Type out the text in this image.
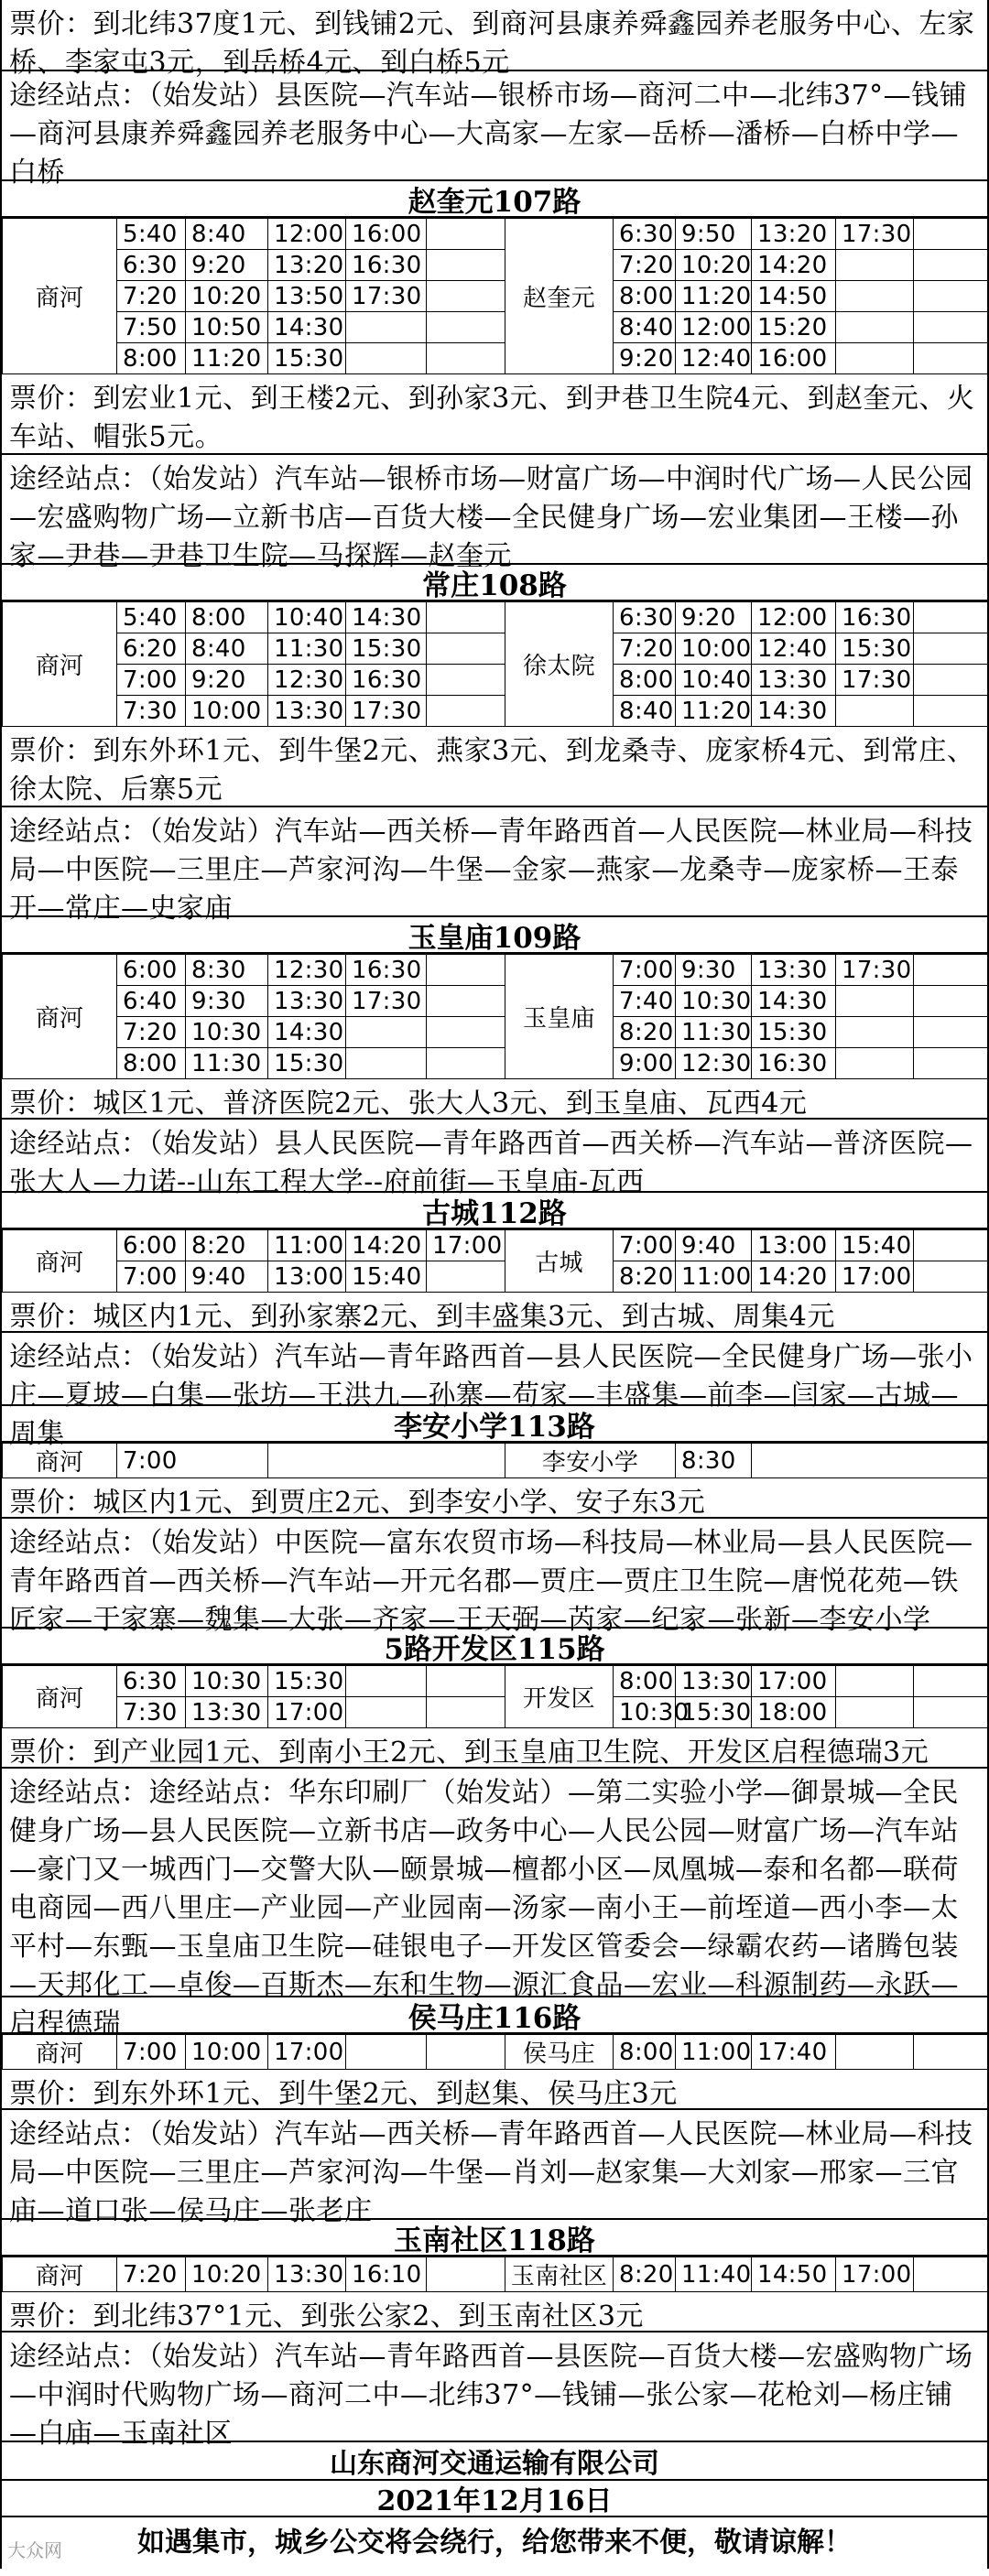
票价：到北纬37度1元、到钱铺2元、到商河县康养舜鑫园养老服务中心、左家桥、李家屯3元，到岳桥4元、到白桥5元
途经站点：（始发站）县医院—汽车站—银桥市场—商河二中—北纬37°—钱铺—商河县康养舜鑫园养老服务中心—大高家—左家—岳桥—潘桥—白桥中学—白桥
赵奎元107路
商河	5:40	8:40	12:00	16:00		赵奎元	6:30	9:50	13:20	17:30	
	6:30	9:20	13:20	16:30			7:20	10:20	14:20		
	7:20	10:20	13:50	17:30			8:00	11:20	14:50		
	7:50	10:50	14:30				8:40	12:00	15:20		
	8:00	11:20	15:30				9:20	12:40	16:00		
票价：到宏业1元、到王楼2元、到孙家3元、到尹巷卫生院4元、到赵奎元、火车站、帽张5元。
途经站点：（始发站）汽车站—银桥市场—财富广场—中润时代广场—人民公园—宏盛购物广场—立新书店—百货大楼—全民健身广场—宏业集团—王楼—孙家—尹巷—尹巷卫生院—马探辉—赵奎元
常庄108路
商河	5:40	8:00	10:40	14:30		徐太院	6:30	9:20	12:00	16:30	
	6:20	8:40	11:30	15:30			7:20	10:00	12:40	15:30	
	7:00	9:20	12:30	16:30			8:00	10:40	13:30	17:30	
	7:30	10:00	13:30	17:30			8:40	11:20	14:30		
票价：到东外环1元、到牛堡2元、燕家3元、到龙桑寺、庞家桥4元、到常庄、徐太院、后寨5元
途经站点：（始发站）汽车站—西关桥—青年路西首—人民医院—林业局—科技局—中医院—三里庄—芦家河沟—牛堡—金家—燕家—龙桑寺—庞家桥—王泰开—常庄—史家庙
玉皇庙109路
商河	6:00	8:30	12:30	16:30		玉皇庙	7:00	9:30	13:30	17:30	
	6:40	9:30	13:30	17:30			7:40	10:30	14:30		
	7:20	10:30	14:30				8:20	11:30	15:30		
	8:00	11:30	15:30				9:00	12:30	16:30		
票价：城区1元、普济医院2元、张大人3元、到玉皇庙、瓦西4元
途经站点：（始发站）县人民医院—青年路西首—西关桥—汽车站—普济医院—张大人—力诺--山东工程大学--府前街—玉皇庙-瓦西
古城112路
商河	6:00	8:20	11:00	14:20	17:00	古城	7:00	9:40	13:00	15:40	
	7:00	9:40	13:00	15:40			8:20	11:00	14:20	17:00	
票价：城区内1元、到孙家寨2元、到丰盛集3元、到古城、周集4元
途经站点：（始发站）汽车站—青年路西首—县人民医院—全民健身广场—张小庄—夏坡—白集—张坊—王洪九—孙寨—苟家—丰盛集—前李—闫家—古城—周集	李安小学113路
商河	7:00		李安小学	8:30	
票价：城区内1元、到贾庄2元、到李安小学、安子东3元
途经站点：（始发站）中医院—富东农贸市场—科技局—林业局—县人民医院—青年路西首—西关桥—汽车站—开元名郡—贾庄—贾庄卫生院—唐悦花苑—铁匠家—于家寨—魏集—大张—齐家—王天弼—芮家—纪家—张新—李安小学
5路开发区115路
商河	6:30	10:30	15:30			开发区	8:00	13:30	17:00		
	7:30	13:30	17:00				10:30	15:30	18:00		
票价：到产业园1元、到南小王2元、到玉皇庙卫生院、开发区启程德瑞3元
途经站点：途经站点：华东印刷厂（始发站）—第二实验小学—御景城—全民健身广场—县人民医院—立新书店—政务中心—人民公园—财富广场—汽车站—豪门又一城西门—交警大队—颐景城—檀都小区—凤凰城—泰和名都—联荷电商园—西八里庄—产业园—产业园南—汤家—南小王—前垤道—西小李—太平村—东甄—玉皇庙卫生院—硅银电子—开发区管委会—绿霸农药—诸腾包装—天邦化工—卓俊—百斯杰—东和生物—源汇食品—宏业—科源制药—永跃—启程德瑞	侯马庄116路
商河	7:00	10:00	17:00			侯马庄	8:00	11:00	17:40		
票价：到东外环1元、到牛堡2元、到赵集、侯马庄3元
途经站点：（始发站）汽车站—西关桥—青年路西首—人民医院—林业局—科技局—中医院—三里庄—芦家河沟—牛堡—肖刘—赵家集—大刘家—邢家—三官庙—道口张—侯马庄—张老庄
玉南社区118路
商河	7:20	10:20	13:30	16:10		玉南社区	8:20	11:40	14:50	17:00	
票价：到北纬37°1元、到张公家2、到玉南社区3元
途经站点：（始发站）汽车站—青年路西首—县医院—百货大楼—宏盛购物广场—中润时代购物广场—商河二中—北纬37°—钱铺—张公家—花枪刘—杨庄铺—白庙—玉南社区
山东商河交通运输有限公司
2021年12月16日
大众网	如遇集市，城乡公交将会绕行，给您带来不便，敬请谅解！
